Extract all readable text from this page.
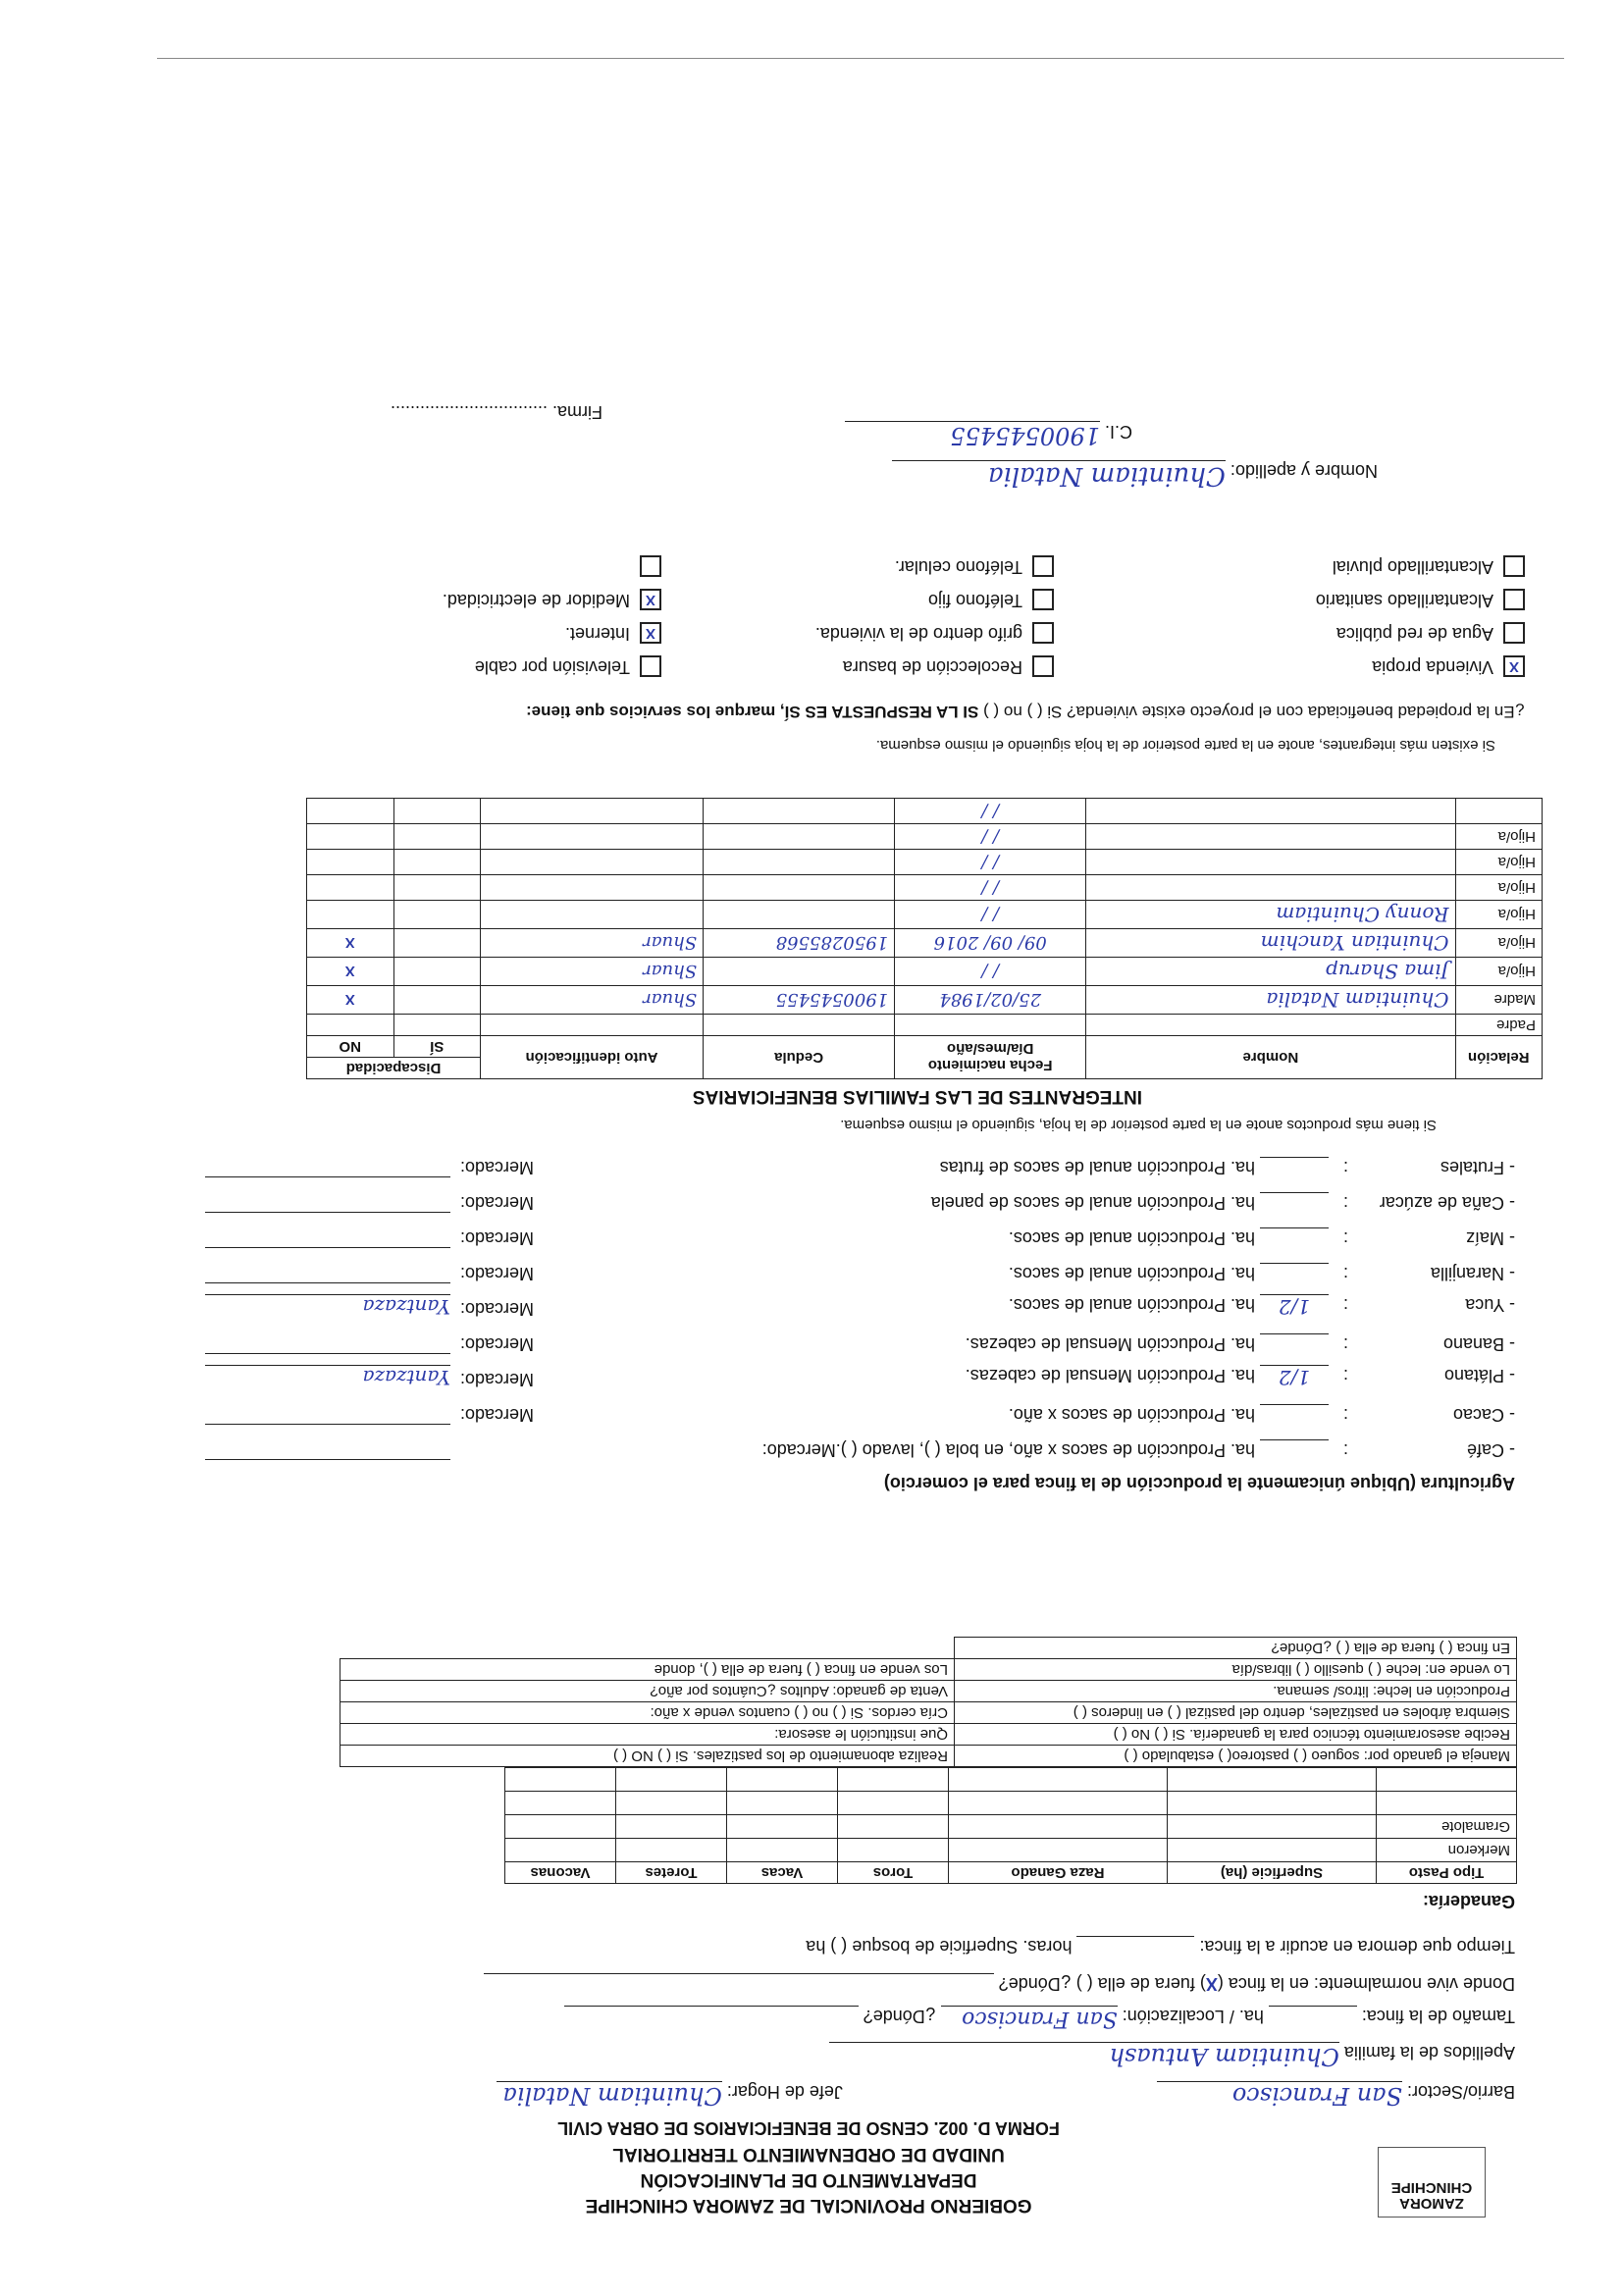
ZAMORA
CHINCHIPE
GOBIERNO PROVINCIAL DE ZAMORA CHINCHIPE
DEPARTAMENTO DE PLANIFICACIÓN
UNIDAD DE ORDENAMIENTO TERRITORIAL
FORMA D. 002. CENSO DE BENEFICIARIOS DE OBRA CIVIL
Barrio/Sector: San Francisco  Jefe de Hogar: Chuintiam Natalia
Apellidos de la familia Chuintiam Antuash
Tamaño de la finca:  ha. / Localización: San Francisco ¿Dónde?
Donde vive normalmente: en la finca (X) fuera de ella ( ) ¿Dónde?
Tiempo que demora en acudir a la finca:  horas. Superficie de bosque ( ) ha
Ganadería:
Tipo Pasto	Superficie (ha)	Raza Ganado	Toros	Vacas	Toretes	Vaconas	
Merkeron							
Gramalote							

Maneja el ganado por: sogueo ( ) pastoreo( ) estabulado ( )	Realiza abonamiento de los pastizales. Si ( ) NO ( )
Recibe asesoramiento técnico para la ganadería. Si ( ) No ( )	Que institución le asesora:
Siembra árboles en pastizales, dentro del pastizal ( ) en linderos ( )	Cría cerdos. Si ( ) no ( ) cuantos vende x año:
Producción en leche: litros/ semana.	Venta de ganado: Adultos ¿Cuántos por año?
Lo vende en: leche ( ) quesillo ( ) libras/día	Los vende en finca ( ) fuera de ella ( ), donde
En finca ( ) fuera de ella ( ) ¿Dónde?	
Agricultura (Ubique únicamente la producción de la finca para el comercio)
- Café: ha. Producción de sacos x año, en bola ( ), lavado ( ).Mercado:
- Cacao: ha. Producción de sacos x año.
Mercado:
- Plátano:1/2 ha. Producción Mensual de cabezas.
Mercado:
Yantzaza
- Banano: ha. Producción Mensual de cabezas.
Mercado:
- Yuca:1/2 ha. Producción anual de sacos.
Mercado:
Yantzaza
- Naranjilla: ha. Producción anual de sacos.
Mercado:
- Maíz: ha. Producción anual de sacos.
Mercado:
- Caña de azúcar: ha. Producción anual de sacos de panela
Mercado:
- Frutales: ha. Producción anual de sacos de frutas
Mercado:
Si tiene más productos anote en la parte posterior de la hoja, siguiendo el mismo esquema.
INTEGRANTES DE LAS FAMILIAS BENEFICIARIAS
Relación	Nombre	Fecha nacimiento Día/mes/año	Cedula	Auto identificación	Discapacidad	
					SÍ	NO
Padre						
Madre	Chuintiam Natalia	25/02/1984	1900545455	Shuar		X
Hijo/a	Jima Sharup	/ /		Shuar		X
Hijo/a	Chuintian Yanchim	09/ 09/ 2016	1950285568	Shuar		X
Hijo/a	Ronny Chuintiam	/ /				
Hijo/a		/ /				
Hijo/a		/ /				
Hijo/a		/ /				
		/ /				
Si existen más integrantes, anote en la parte posterior de la hoja siguiendo el mismo esquema.
¿En la propiedad beneficiada con el proyecto existe vivienda? Si ( ) no ( ) SI LA RESPUESTA ES SÍ, marque los servicios que tiene:
XVivienda propia
Agua de red pública
Alcantarillado sanitario
Alcantarillado pluvial
Recolección de basura
grifo dentro de la vivienda.
Teléfono fijo
Teléfono celular.
Televisión por cable
XInternet.
XMedidor de electricidad.
Nombre y apellido: Chuintiam Natalia
C.I. 1900545455
Firma. ................................
